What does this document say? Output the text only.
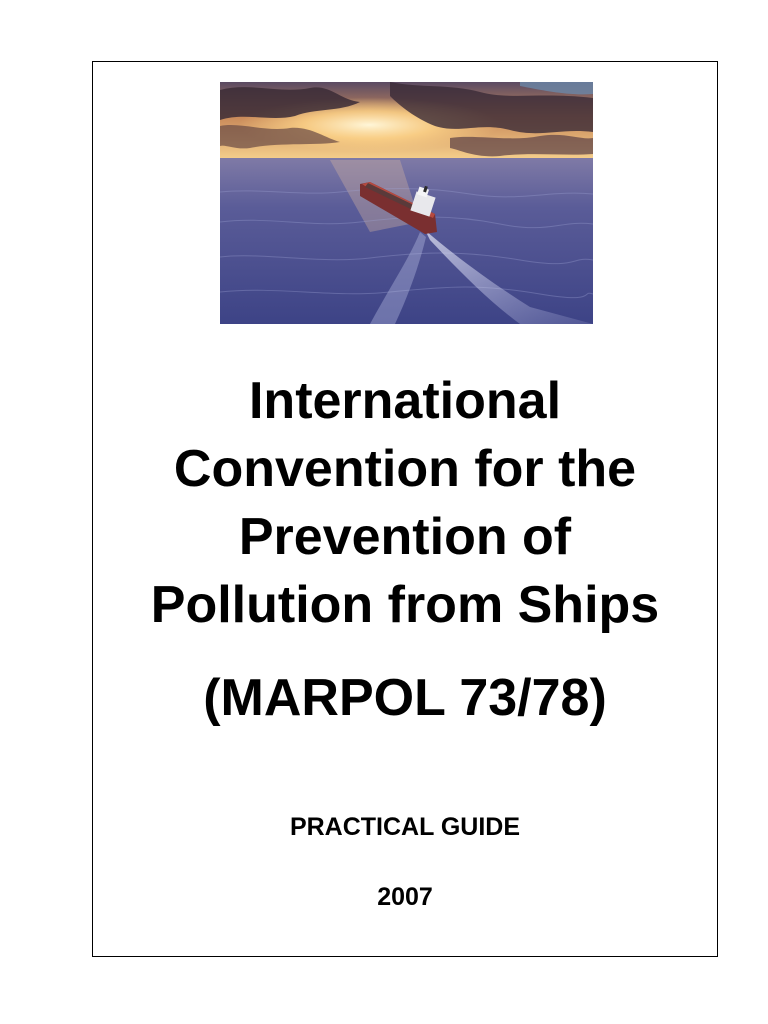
International
Convention for the
Prevention of
Pollution from Ships
(MARPOL 73/78)
PRACTICAL GUIDE
2007
